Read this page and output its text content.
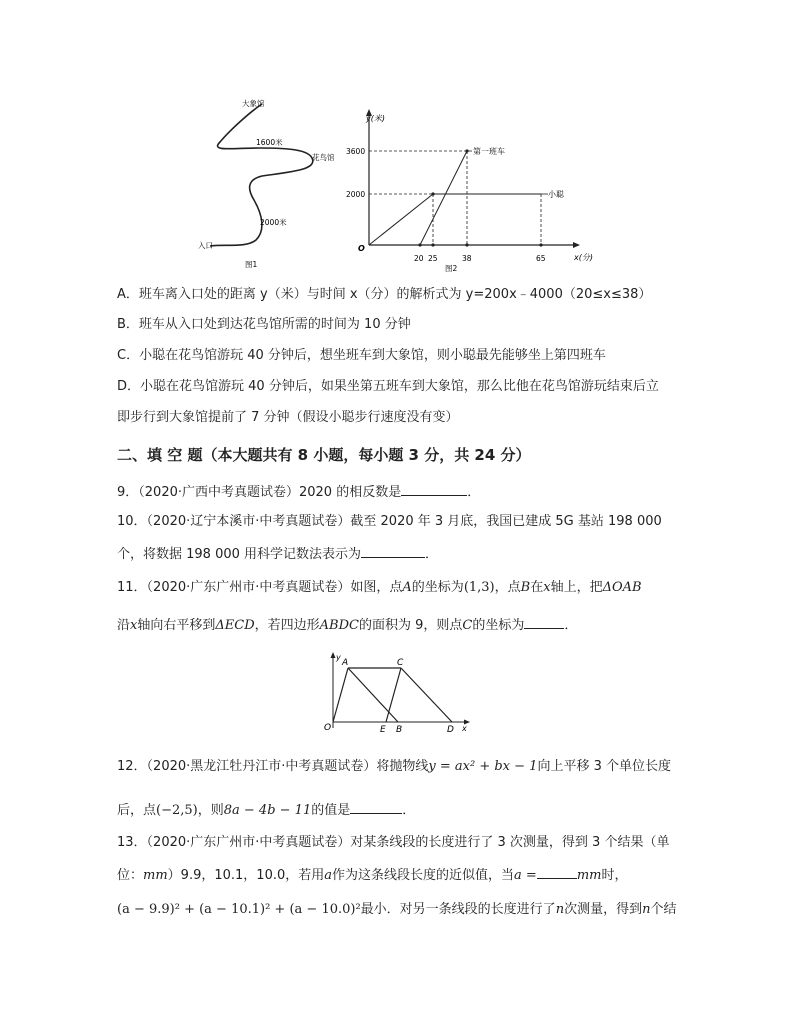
大象馆
1600米
花鸟馆
2000米
入口
图1
y(米)
x(分)
O
3600
2000
第一班车
小聪
20 25	38	65
图2
A．班车离入口处的距离 y（米）与时间 x（分）的解析式为 y=200x﹣4000（20≤x≤38）
B．班车从入口处到达花鸟馆所需的时间为 10 分钟
C．小聪在花鸟馆游玩 40 分钟后，想坐班车到大象馆，则小聪最先能够坐上第四班车
D．小聪在花鸟馆游玩 40 分钟后，如果坐第五班车到大象馆，那么比他在花鸟馆游玩结束后立
即步行到大象馆提前了 7 分钟（假设小聪步行速度没有变）
二、填 空 题（本大题共有 8 小题，每小题 3 分，共 24 分）
9．（2020·广西中考真题试卷）2020 的相反数是	．
10．（2020·辽宁本溪市·中考真题试卷）截至 2020 年 3 月底，我国已建成 5G 基站 198 000
个，将数据 198 000 用科学记数法表示为	．
11．（2020·广东广州市·中考真题试卷）如图，点A的坐标为(1,3)，点B在x轴上，把ΔOAB
沿x轴向右平移到ΔECD，若四边形ABDC的面积为 9，则点C的坐标为	．
y
O
A	C
E B	D x
12．（2020·黑龙江牡丹江市·中考真题试卷）将抛物线y = ax² + bx − 1向上平移 3 个单位长度
后，点(−2,5)，则8a − 4b − 11的值是	．
13．（2020·广东广州市·中考真题试卷）对某条线段的长度进行了 3 次测量，得到 3 个结果（单
位：mm）9.9，10.1，10.0，若用a作为这条线段长度的近似值，当a =	mm时，
(a − 9.9)² + (a − 10.1)² + (a − 10.0)²最小．对另一条线段的长度进行了n次测量，得到n个结
